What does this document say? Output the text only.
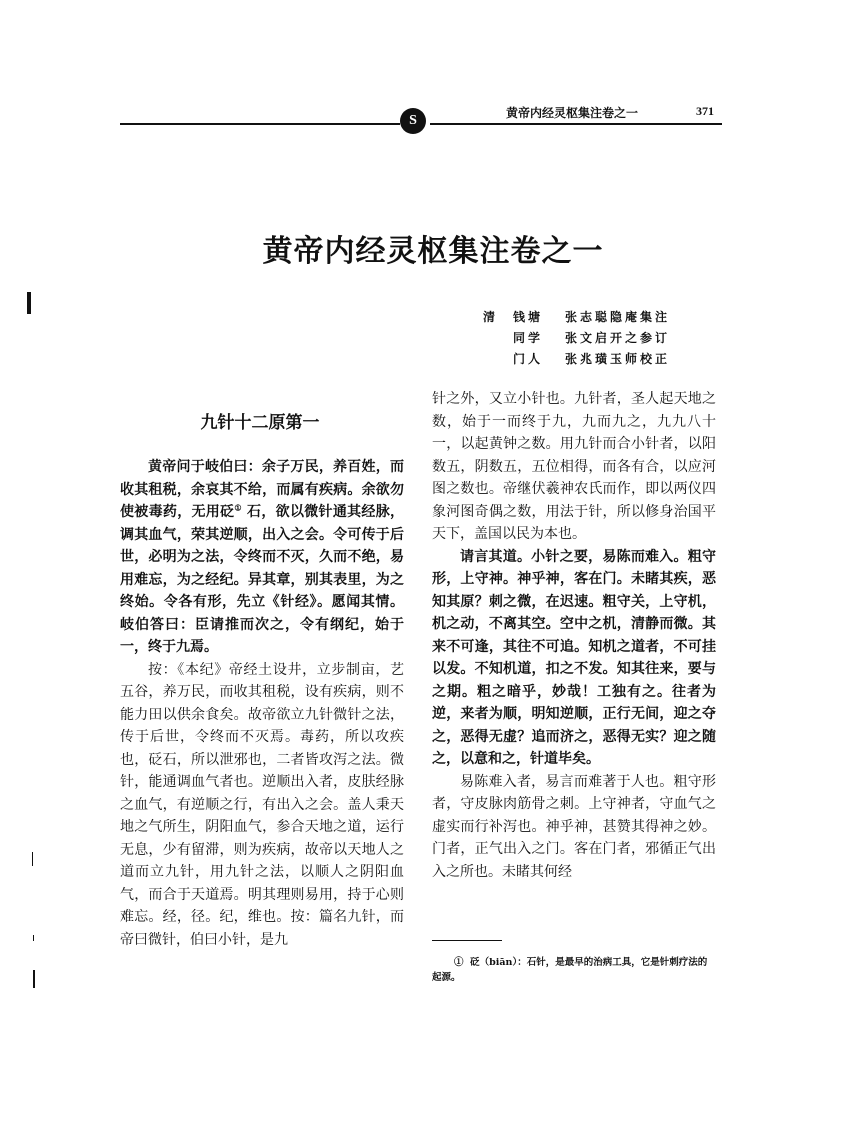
S	黄帝内经灵枢集注卷之一	371
黄帝内经灵枢集注卷之一
清 钱塘 张志聪隐庵集注
同学 张文启开之参订
门人 张兆璜玉师校正
九针十二原第一

黄帝问于岐伯曰：余子万民，养百姓，而收其租税，余哀其不给，而属有疾病。余欲勿使被毒药，无用砭① 石，欲以微针通其经脉，调其血气，荣其逆顺，出入之会。令可传于后世，必明为之法，令终而不灭，久而不绝，易用难忘，为之经纪。异其章，别其表里，为之终始。令各有形，先立《针经》。愿闻其情。岐伯答曰：臣请推而次之，令有纲纪，始于一，终于九焉。

按：《本纪》帝经土设井，立步制亩，艺五谷，养万民，而收其租税，设有疾病，则不能力田以供余食矣。故帝欲立九针微针之法，传于后世，令终而不灭焉。毒药，所以攻疾也，砭石，所以泄邪也，二者皆攻泻之法。微针，能通调血气者也。逆顺出入者，皮肤经脉之血气，有逆顺之行，有出入之会。盖人秉天地之气所生，阴阳血气，参合天地之道，运行无息，少有留滞，则为疾病，故帝以天地人之道而立九针，用九针之法，以顺人之阴阳血气，而合于天道焉。明其理则易用，持于心则难忘。经，径。纪，维也。按：篇名九针，而帝曰微针，伯曰小针，是九

针之外，又立小针也。九针者，圣人起天地之数，始于一而终于九，九而九之，九九八十一，以起黄钟之数。用九针而合小针者，以阳数五，阴数五，五位相得，而各有合，以应河图之数也。帝继伏羲神农氏而作，即以两仪四象河图奇偶之数，用法于针，所以修身治国平天下，盖国以民为本也。

请言其道。小针之要，易陈而难入。粗守形，上守神。神乎神，客在门。未睹其疾，恶知其原？刺之微，在迟速。粗守关，上守机，机之动，不离其空。空中之机，清静而微。其来不可逢，其往不可追。知机之道者，不可挂以发。不知机道，扣之不发。知其往来，要与之期。粗之暗乎，妙哉！工独有之。往者为逆，来者为顺，明知逆顺，正行无间，迎之夺之，恶得无虚？追而济之，恶得无实？迎之随之，以意和之，针道毕矣。

易陈难入者，易言而难著于人也。粗守形者，守皮脉肉筋骨之刺。上守神者，守血气之虚实而行补泻也。神乎神，甚赞其得神之妙。门者，正气出入之门。客在门者，邪循正气出入之所也。未睹其何经

① 砭（biān）：石针，是最早的治病工具，它是针刺疗法的起源。
